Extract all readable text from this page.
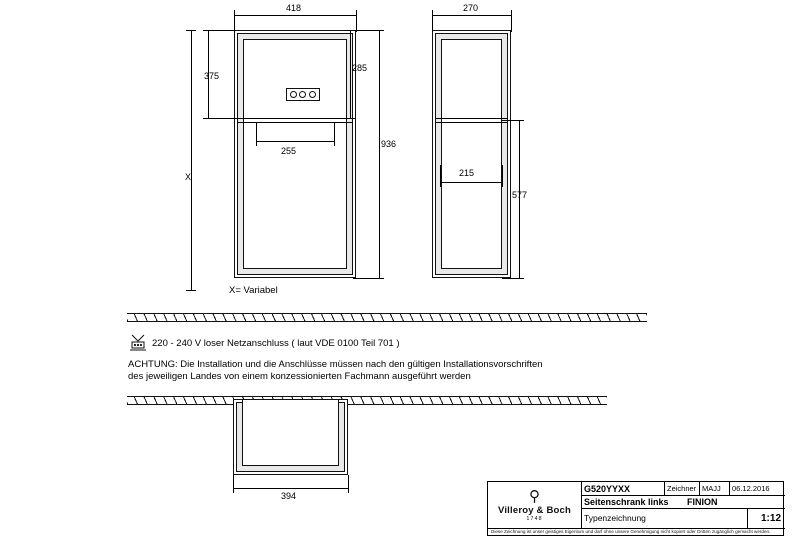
418
375
X
285
936
255
X= Variabel
270
215
577
220 - 240 V loser Netzanschluss ( laut VDE 0100 Teil 701 )
ACHTUNG: Die Installation und die Anschlüsse müssen nach den gültigen Installationsvorschriften
des jeweiligen Landes von einem konzessionierten Fachmann ausgeführt werden
394	⚲
Villeroy & Boch
1748
G520YYXX	Zeichner MAJJ	06.12.2016
Seitenschrank links	FINION
Typenzeichnung	1:12
Diese Zeichnung ist unser geistiges Eigentum und darf ohne unsere Genehmigung nicht kopiert oder Dritten zugänglich gemacht werden.
